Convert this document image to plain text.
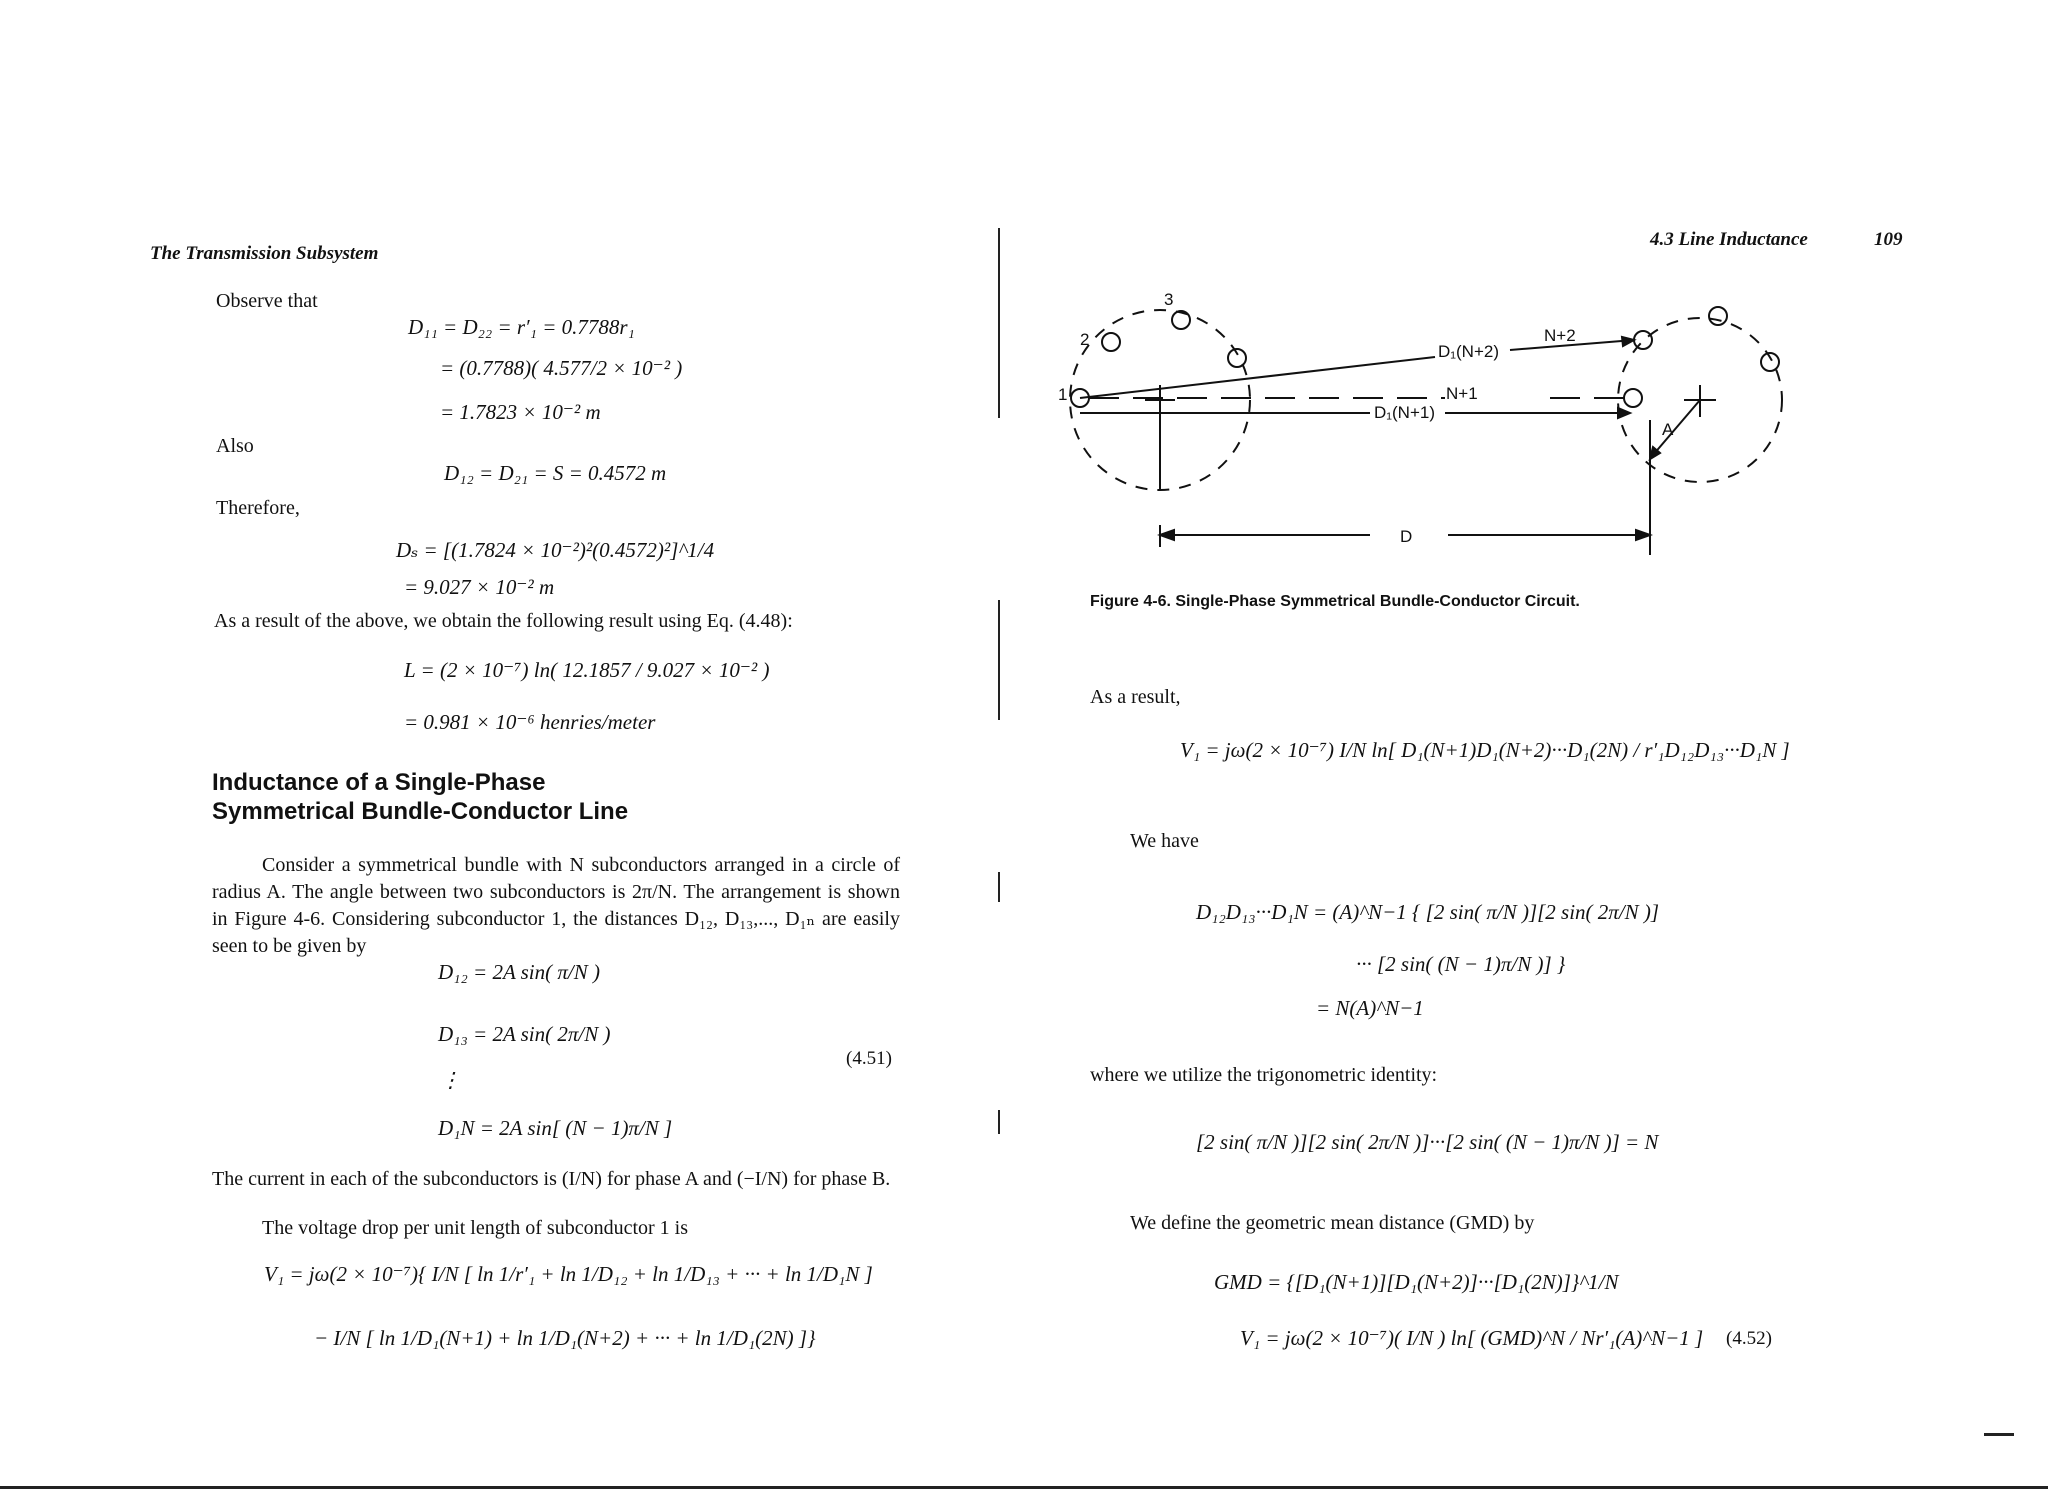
The Transmission Subsystem
Observe that
D₁₁ = D₂₂ = r′₁ = 0.7788r₁
= (0.7788)( 4.577/2 × 10⁻² )
= 1.7823 × 10⁻² m
Also
D₁₂ = D₂₁ = S = 0.4572 m
Therefore,
Dₛ = [(1.7824 × 10⁻²)²(0.4572)²]^1/4
= 9.027 × 10⁻² m
As a result of the above, we obtain the following result using Eq. (4.48):
L = (2 × 10⁻⁷) ln( 12.1857 / 9.027 × 10⁻² )
= 0.981 × 10⁻⁶ henries/meter
Inductance of a Single-Phase
Symmetrical Bundle-Conductor Line
Consider a symmetrical bundle with N subconductors arranged in a circle of radius A. The angle between two subconductors is 2π/N. The arrangement is shown in Figure 4-6. Considering subconductor 1, the distances D₁₂, D₁₃,..., D₁ₙ are easily seen to be given by
D₁₂ = 2A sin( π/N )
D₁₃ = 2A sin( 2π/N )
⋮
D₁N = 2A sin[ (N − 1)π/N ]
(4.51)
The current in each of the subconductors is (I/N) for phase A and (−I/N) for phase B.
The voltage drop per unit length of subconductor 1 is
V₁ = jω(2 × 10⁻⁷){ I/N [ ln 1/r′₁ + ln 1/D₁₂ + ln 1/D₁₃ + ··· + ln 1/D₁N ]
− I/N [ ln 1/D₁(N+1) + ln 1/D₁(N+2) + ··· + ln 1/D₁(2N) ]}
4.3 Line Inductance	109
1
2
3
D₁(N+2)
N+2
N+1
D₁(N+1)
A
D
Figure 4-6. Single-Phase Symmetrical Bundle-Conductor Circuit.
As a result,
V₁ = jω(2 × 10⁻⁷) I/N ln[ D₁(N+1)D₁(N+2)···D₁(2N) / r′₁D₁₂D₁₃···D₁N ]
We have
D₁₂D₁₃···D₁N = (A)^N−1 { [2 sin( π/N )][2 sin( 2π/N )]
··· [2 sin( (N − 1)π/N )] }
= N(A)^N−1
where we utilize the trigonometric identity:
[2 sin( π/N )][2 sin( 2π/N )]···[2 sin( (N − 1)π/N )] = N
We define the geometric mean distance (GMD) by
GMD = {[D₁(N+1)][D₁(N+2)]···[D₁(2N)]}^1/N
V₁ = jω(2 × 10⁻⁷)( I/N ) ln[ (GMD)^N / Nr′₁(A)^N−1 ] (4.52)
